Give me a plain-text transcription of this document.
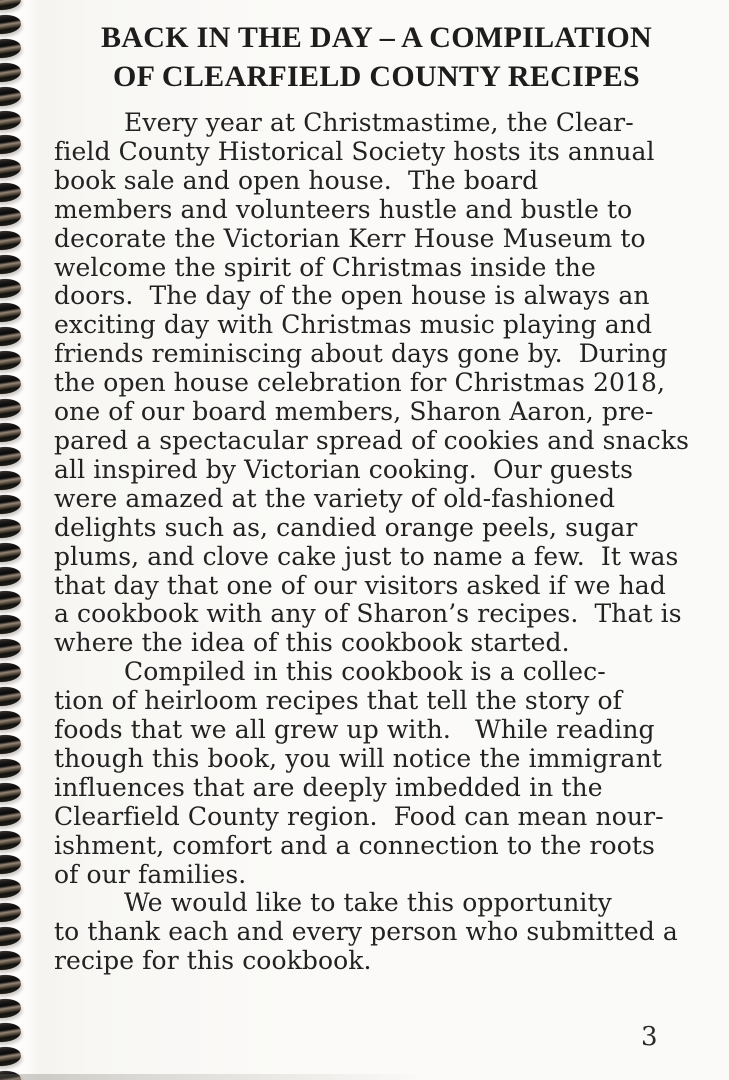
BACK IN THE DAY – A COMPILATION
OF CLEARFIELD COUNTY RECIPES
Every year at Christmastime, the Clear-
field County Historical Society hosts its annual
book sale and open house.  The board
members and volunteers hustle and bustle to
decorate the Victorian Kerr House Museum to
welcome the spirit of Christmas inside the
doors.  The day of the open house is always an
exciting day with Christmas music playing and
friends reminiscing about days gone by.  During
the open house celebration for Christmas 2018,
one of our board members, Sharon Aaron, pre-
pared a spectacular spread of cookies and snacks
all inspired by Victorian cooking.  Our guests
were amazed at the variety of old-fashioned
delights such as, candied orange peels, sugar
plums, and clove cake just to name a few.  It was
that day that one of our visitors asked if we had
a cookbook with any of Sharon’s recipes.  That is
where the idea of this cookbook started.
Compiled in this cookbook is a collec-
tion of heirloom recipes that tell the story of
foods that we all grew up with.   While reading
though this book, you will notice the immigrant
influences that are deeply imbedded in the
Clearfield County region.  Food can mean nour-
ishment, comfort and a connection to the roots
of our families.
We would like to take this opportunity
to thank each and every person who submitted a
recipe for this cookbook.
3
